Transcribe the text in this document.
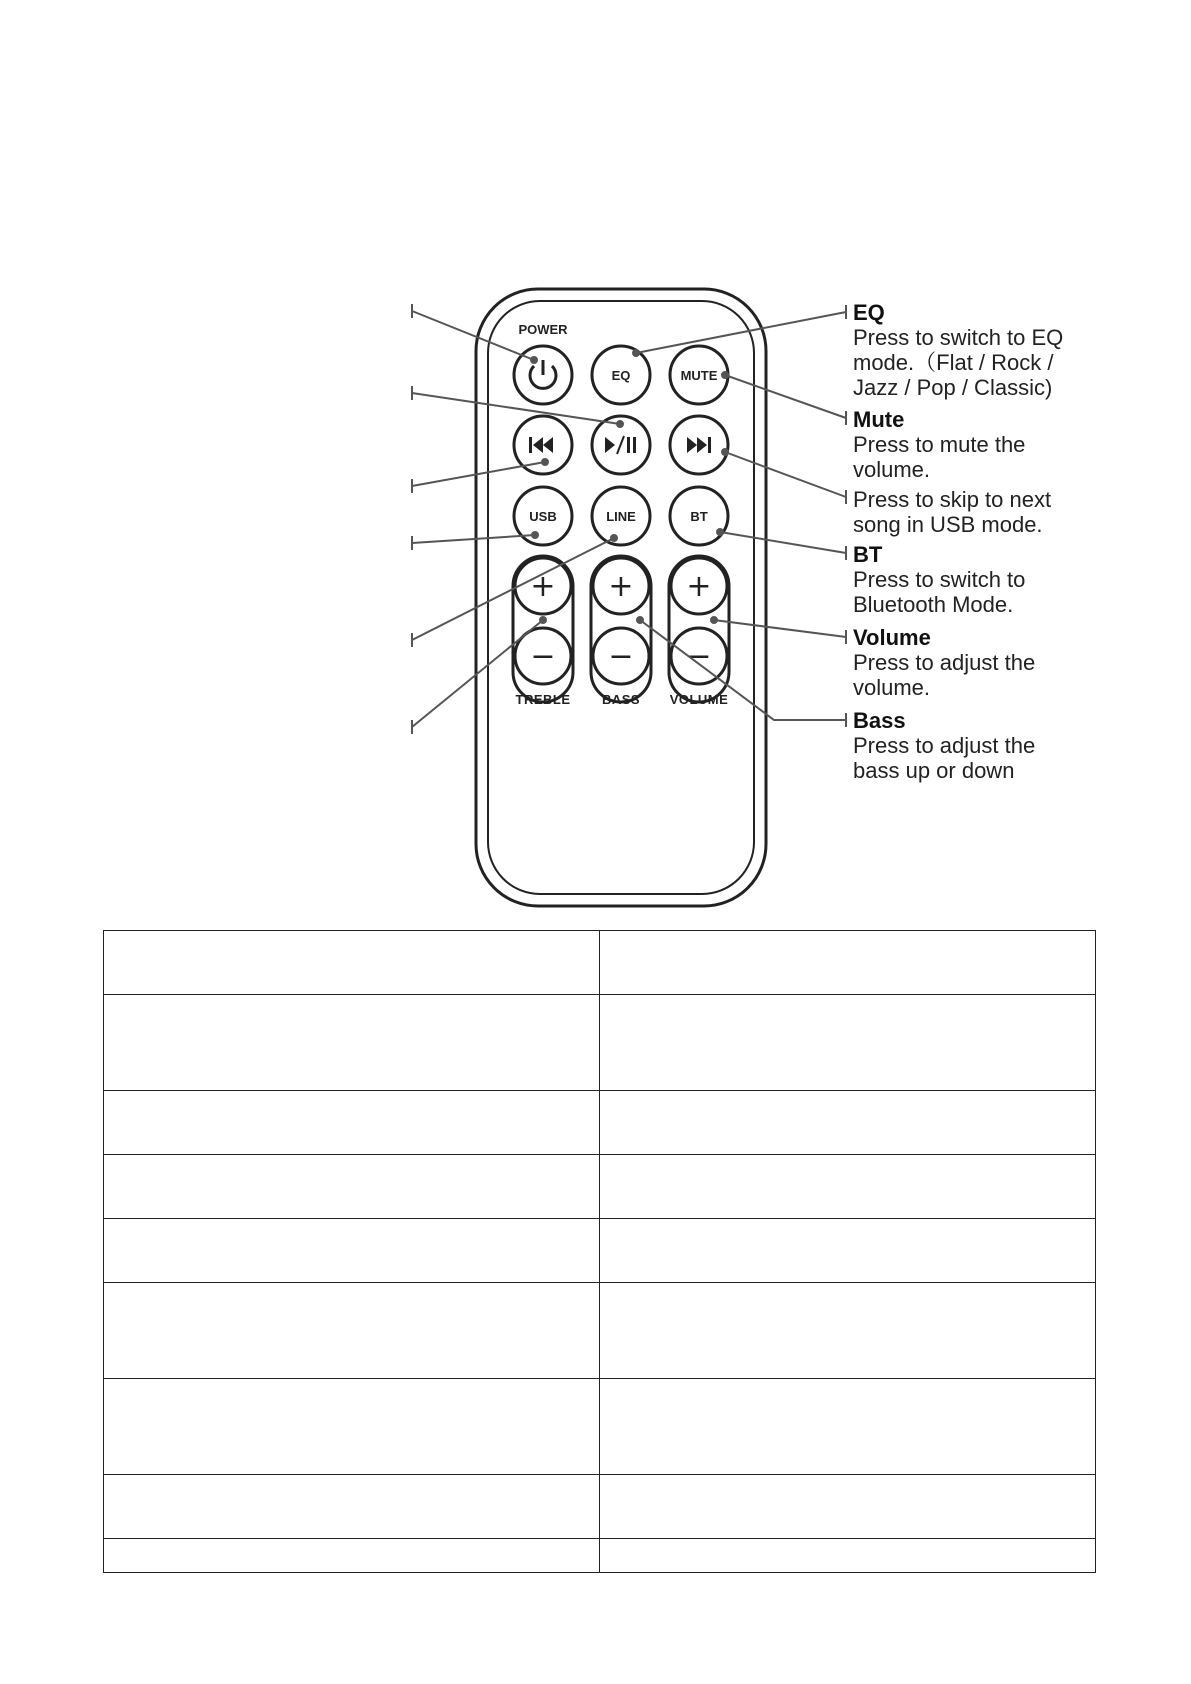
POWER
EQ	MUTE
USB	LINE	BT
+
−
+
−
+
−
TREBLE BASS VOLUME

EQ
Press to switch to EQ
mode.（Flat / Rock /
Jazz / Pop / Classic)
Mute
Press to mute the
volume.
Press to skip to next
song in USB mode.
BT
Press to switch to
Bluetooth Mode.
Volume
Press to adjust the
volume.
Bass
Press to adjust the
bass up or down
